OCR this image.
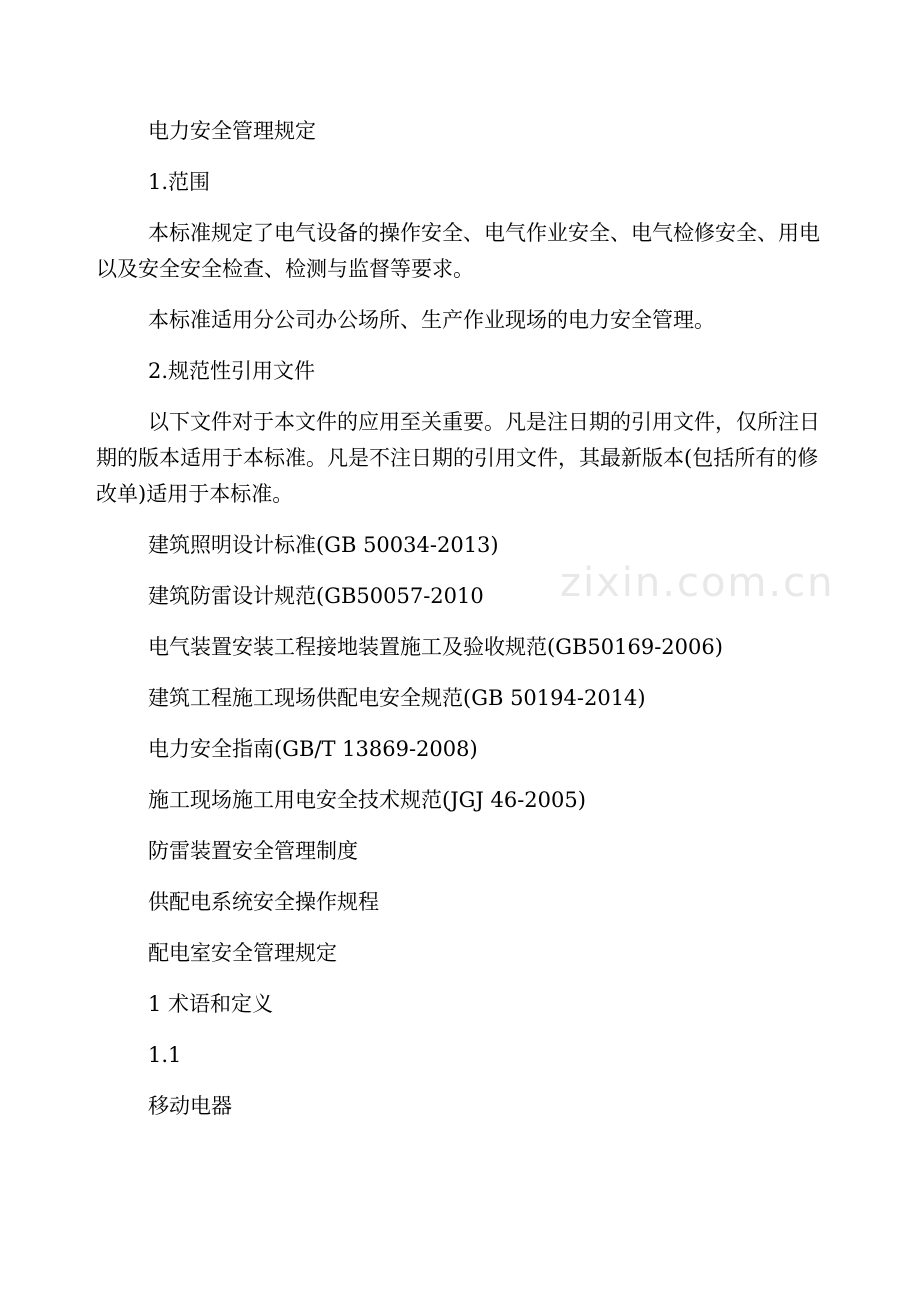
zixin.com.cn

电力安全管理规定

1.范围

本标准规定了电气设备的操作安全、电气作业安全、电气检修安全、用电以及安全安全检查、检测与监督等要求。

本标准适用分公司办公场所、生产作业现场的电力安全管理。

2.规范性引用文件

以下文件对于本文件的应用至关重要。凡是注日期的引用文件，仅所注日期的版本适用于本标准。凡是不注日期的引用文件，其最新版本(包括所有的修改单)适用于本标准。

建筑照明设计标准(GB 50034-2013)

建筑防雷设计规范(GB50057-2010

电气装置安装工程接地装置施工及验收规范(GB50169-2006)

建筑工程施工现场供配电安全规范(GB 50194-2014)

电力安全指南(GB/T 13869-2008)

施工现场施工用电安全技术规范(JGJ 46-2005)

防雷装置安全管理制度

供配电系统安全操作规程

配电室安全管理规定

1 术语和定义

1.1

移动电器
